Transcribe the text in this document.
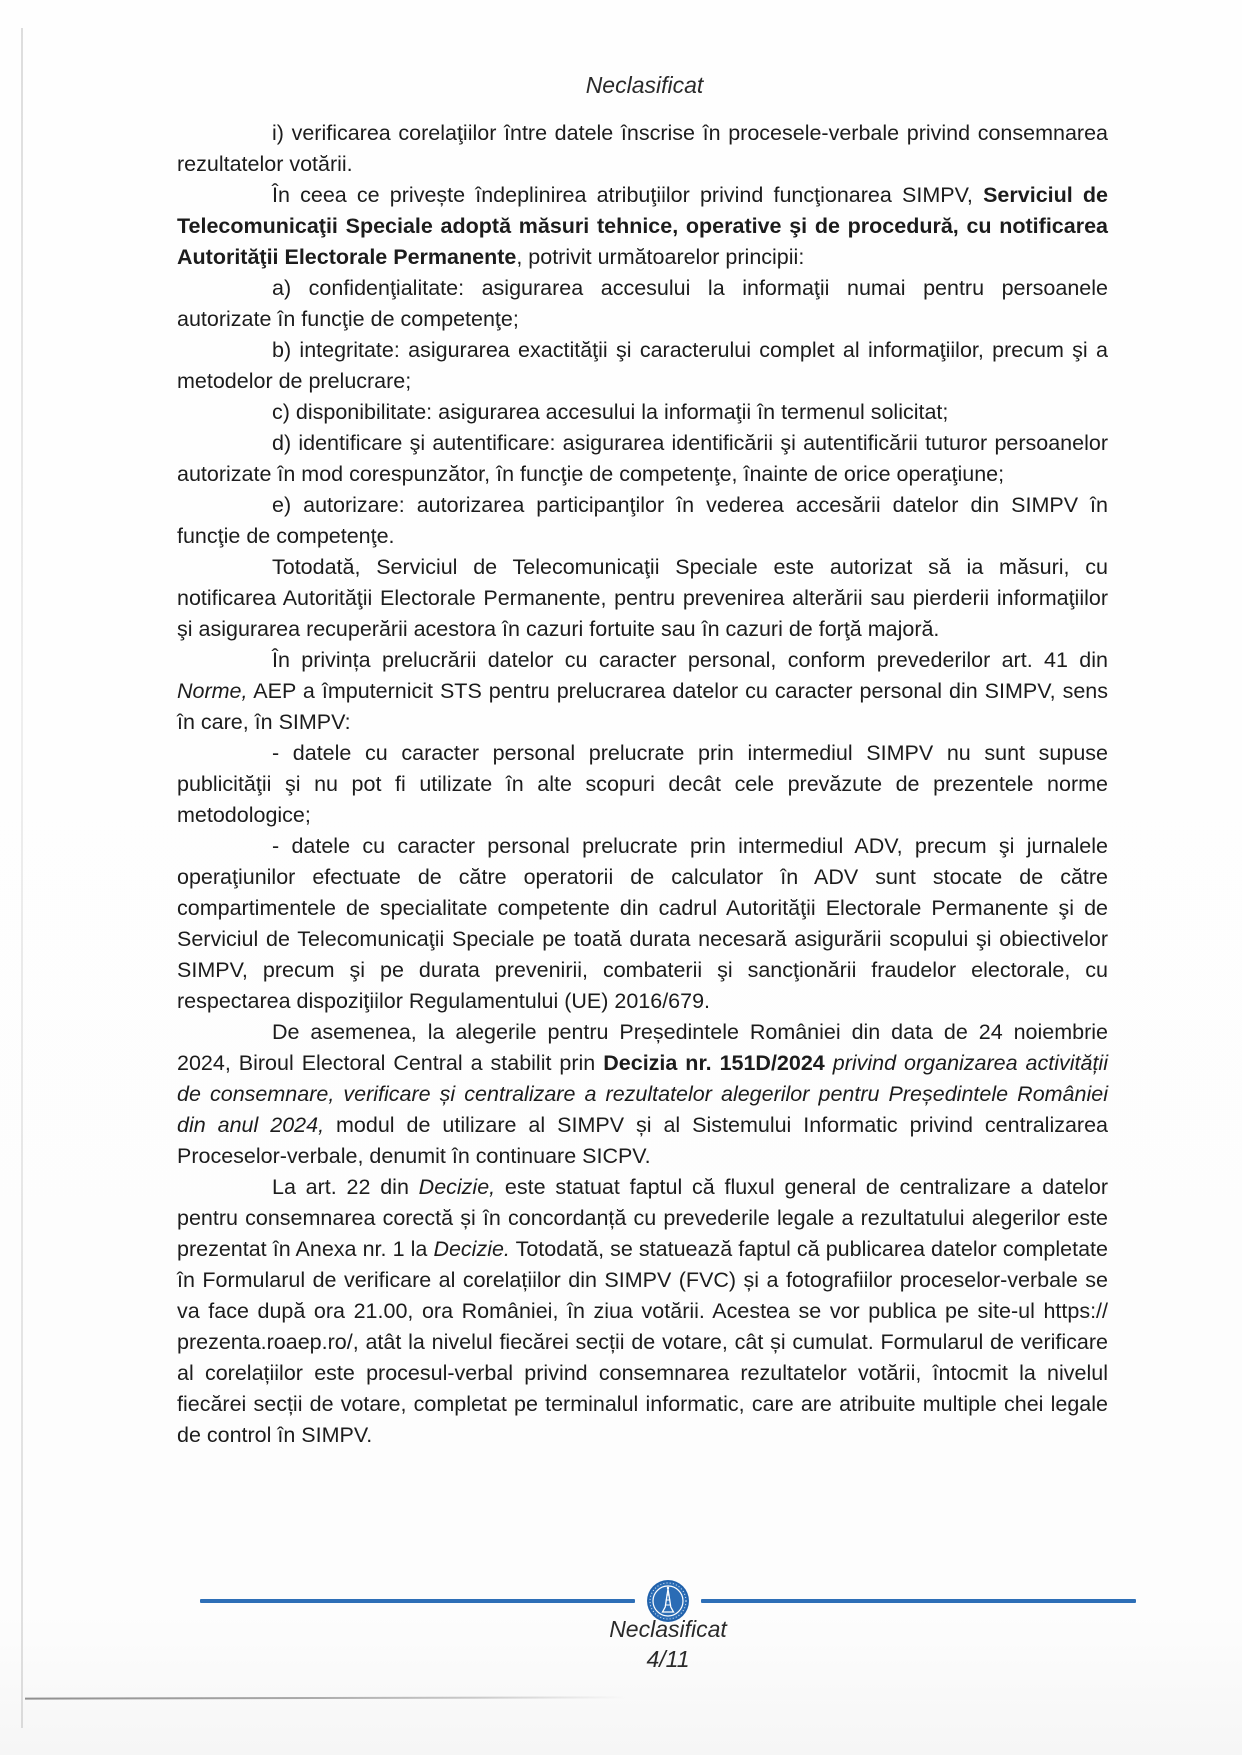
Neclasificat

i) verificarea corelaţiilor între datele înscrise în procesele-verbale privind consemnarea rezultatelor votării.

În ceea ce privește îndeplinirea atribuţiilor privind funcţionarea SIMPV, Serviciul de Telecomunicaţii Speciale adoptă măsuri tehnice, operative şi de procedură, cu notificarea Autorităţii Electorale Permanente, potrivit următoarelor principii:

a) confidenţialitate: asigurarea accesului la informaţii numai pentru persoanele autorizate în funcţie de competenţe;

b) integritate: asigurarea exactităţii şi caracterului complet al informaţiilor, precum şi a metodelor de prelucrare;

c) disponibilitate: asigurarea accesului la informaţii în termenul solicitat;

d) identificare şi autentificare: asigurarea identificării şi autentificării tuturor persoanelor autorizate în mod corespunzător, în funcţie de competenţe, înainte de orice operaţiune;

e) autorizare: autorizarea participanţilor în vederea accesării datelor din SIMPV în funcţie de competenţe.

Totodată, Serviciul de Telecomunicaţii Speciale este autorizat să ia măsuri, cu notificarea Autorităţii Electorale Permanente, pentru prevenirea alterării sau pierderii informaţiilor şi asigurarea recuperării acestora în cazuri fortuite sau în cazuri de forţă majoră.

În privința prelucrării datelor cu caracter personal, conform prevederilor art. 41 din Norme, AEP a împuternicit STS pentru prelucrarea datelor cu caracter personal din SIMPV, sens în care, în SIMPV:

- datele cu caracter personal prelucrate prin intermediul SIMPV nu sunt supuse publicităţii şi nu pot fi utilizate în alte scopuri decât cele prevăzute de prezentele norme metodologice;

- datele cu caracter personal prelucrate prin intermediul ADV, precum şi jurnalele operaţiunilor efectuate de către operatorii de calculator în ADV sunt stocate de către compartimentele de specialitate competente din cadrul Autorităţii Electorale Permanente şi de Serviciul de Telecomunicaţii Speciale pe toată durata necesară asigurării scopului şi obiectivelor SIMPV, precum şi pe durata prevenirii, combaterii şi sancţionării fraudelor electorale, cu respectarea dispoziţiilor Regulamentului (UE) 2016/679.

De asemenea, la alegerile pentru Președintele României din data de 24 noiembrie 2024, Biroul Electoral Central a stabilit prin Decizia nr. 151D/2024 privind organizarea activității de consemnare, verificare și centralizare a rezultatelor alegerilor pentru Președintele României din anul 2024, modul de utilizare al SIMPV și al Sistemului Informatic privind centralizarea Proceselor-verbale, denumit în continuare SICPV.

La art. 22 din Decizie, este statuat faptul că fluxul general de centralizare a datelor pentru consemnarea corectă și în concordanță cu prevederile legale a rezultatului alegerilor este prezentat în Anexa nr. 1 la Decizie. Totodată, se statuează faptul că publicarea datelor completate în Formularul de verificare al corelațiilor din SIMPV (FVC) și a fotografiilor proceselor-verbale se va face după ora 21.00, ora României, în ziua votării. Acestea se vor publica pe site-ul https:// prezenta.roaep.ro/, atât la nivelul fiecărei secții de votare, cât și cumulat. Formularul de verificare al corelațiilor este procesul-verbal privind consemnarea rezultatelor votării, întocmit la nivelul fiecărei secții de votare, completat pe terminalul informatic, care are atribuite multiple chei legale de control în SIMPV.

Neclasificat
4/11
